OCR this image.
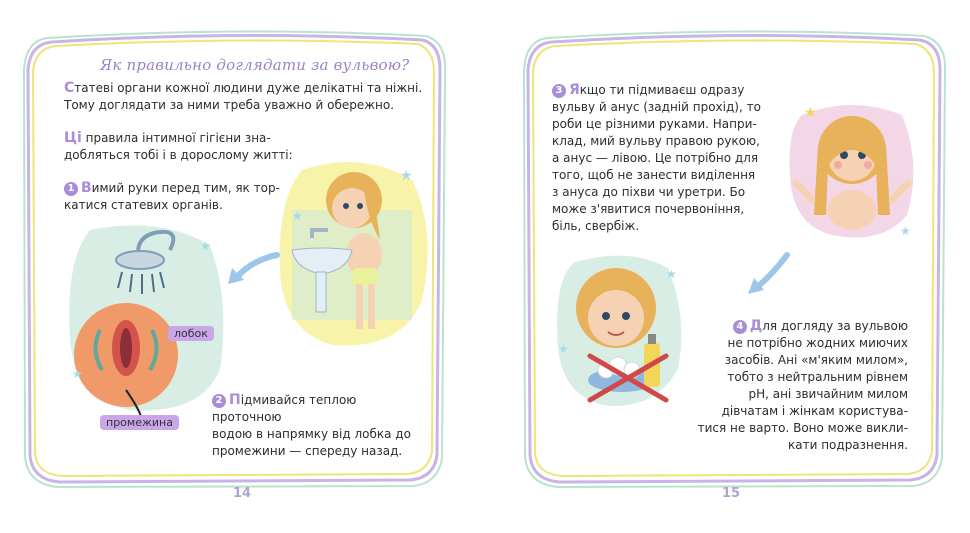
Як правильно доглядати за вульвою?
Статеві органи кожної людини дуже делікатні та ніжні.
Тому доглядати за ними треба уважно й обережно.
Ці правила інтимної гігієни зна-
добляться тобі і в дорослому житті:
1 Вимий руки перед тим, як тор-
катися статевих органів.
★
★
★
★
лобок
промежина
2 Підмивайся теплою проточною
водою в напрямку від лобка до
промежини — спереду назад.
14
3 Якщо ти підмиваєш одразу
вульву й анус (задній прохід), то
роби це різними руками. Напри-
клад, мий вульву правою рукою,
а анус — лівою. Це потрібно для
того, щоб не занести виділення
з ануса до піхви чи уретри. Бо
може з'явитися почервоніння,
біль, свербіж.
★
★
★
★
4 Для догляду за вульвою
не потрібно жодних миючих
засобів. Ані «м'яким милом»,
тобто з нейтральним рівнем
pH, ані звичайним милом
дівчатам і жінкам користува-
тися не варто. Воно може викли-
кати подразнення.
15
